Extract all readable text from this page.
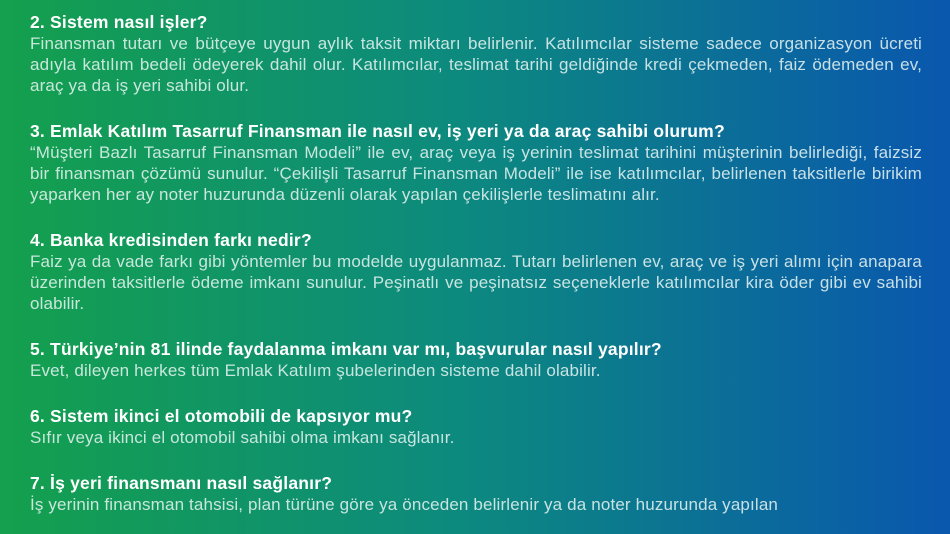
2. Sistem nasıl işler?

Finansman tutarı ve bütçeye uygun aylık taksit miktarı belirlenir. Katılımcılar sisteme sadece organizasyon ücreti adıyla katılım bedeli ödeyerek dahil olur. Katılımcılar, teslimat tarihi geldiğinde kredi çekmeden, faiz ödemeden ev, araç ya da iş yeri sahibi olur.

3. Emlak Katılım Tasarruf Finansman ile nasıl ev, iş yeri ya da araç sahibi olurum?

“Müşteri Bazlı Tasarruf Finansman Modeli” ile ev, araç veya iş yerinin teslimat tarihini müşterinin belirlediği, faizsiz bir finansman çözümü sunulur. “Çekilişli Tasarruf Finansman Modeli” ile ise katılımcılar, belirlenen taksitlerle birikim yaparken her ay noter huzurunda düzenli olarak yapılan çekilişlerle teslimatını alır.

4. Banka kredisinden farkı nedir?

Faiz ya da vade farkı gibi yöntemler bu modelde uygulanmaz. Tutarı belirlenen ev, araç ve iş yeri alımı için anapara üzerinden taksitlerle ödeme imkanı sunulur. Peşinatlı ve peşinatsız seçeneklerle katılımcılar kira öder gibi ev sahibi olabilir.

5. Türkiye’nin 81 ilinde faydalanma imkanı var mı, başvurular nasıl yapılır?

Evet, dileyen herkes tüm Emlak Katılım şubelerinden sisteme dahil olabilir.

6. Sistem ikinci el otomobili de kapsıyor mu?

Sıfır veya ikinci el otomobil sahibi olma imkanı sağlanır.

7. İş yeri finansmanı nasıl sağlanır?

İş yerinin finansman tahsisi, plan türüne göre ya önceden belirlenir ya da noter huzurunda yapılan
